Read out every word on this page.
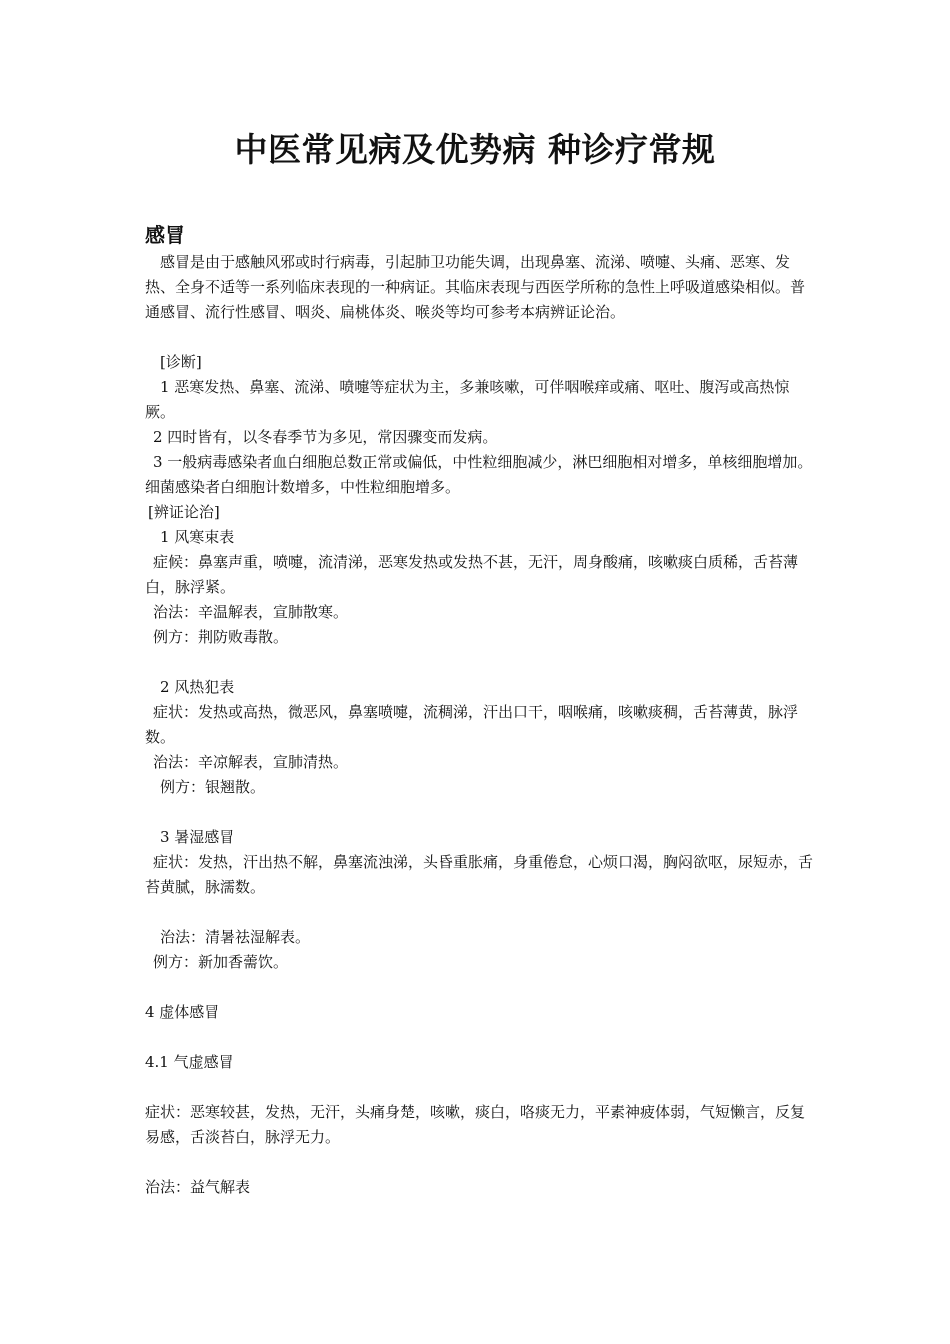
中医常见病及优势病 种诊疗常规

感冒

感冒是由于感触风邪或时行病毒，引起肺卫功能失调，出现鼻塞、流涕、喷嚏、头痛、恶寒、发热、全身不适等一系列临床表现的一种病证。其临床表现与西医学所称的急性上呼吸道感染相似。普通感冒、流行性感冒、咽炎、扁桃体炎、喉炎等均可参考本病辨证论治。

[诊断]

1 恶寒发热、鼻塞、流涕、喷嚏等症状为主，多兼咳嗽，可伴咽喉痒或痛、呕吐、腹泻或高热惊厥。

2 四时皆有，以冬春季节为多见，常因骤变而发病。

3 一般病毒感染者血白细胞总数正常或偏低，中性粒细胞减少，淋巴细胞相对增多，单核细胞增加。细菌感染者白细胞计数增多，中性粒细胞增多。

[辨证论治]

1 风寒束表

症候：鼻塞声重，喷嚏，流清涕，恶寒发热或发热不甚，无汗，周身酸痛，咳嗽痰白质稀，舌苔薄白，脉浮紧。

治法：辛温解表，宣肺散寒。

例方：荆防败毒散。

2 风热犯表

症状：发热或高热，微恶风，鼻塞喷嚏，流稠涕，汗出口干，咽喉痛，咳嗽痰稠，舌苔薄黄，脉浮数。

治法：辛凉解表，宣肺清热。

例方：银翘散。

3 暑湿感冒

症状：发热，汗出热不解，鼻塞流浊涕，头昏重胀痛，身重倦怠，心烦口渴，胸闷欲呕，尿短赤，舌苔黄腻，脉濡数。

治法：清暑祛湿解表。

例方：新加香薷饮。

4 虚体感冒

4.1 气虚感冒

症状：恶寒较甚，发热，无汗，头痛身楚，咳嗽，痰白，咯痰无力，平素神疲体弱，气短懒言，反复易感，舌淡苔白，脉浮无力。

治法：益气解表
